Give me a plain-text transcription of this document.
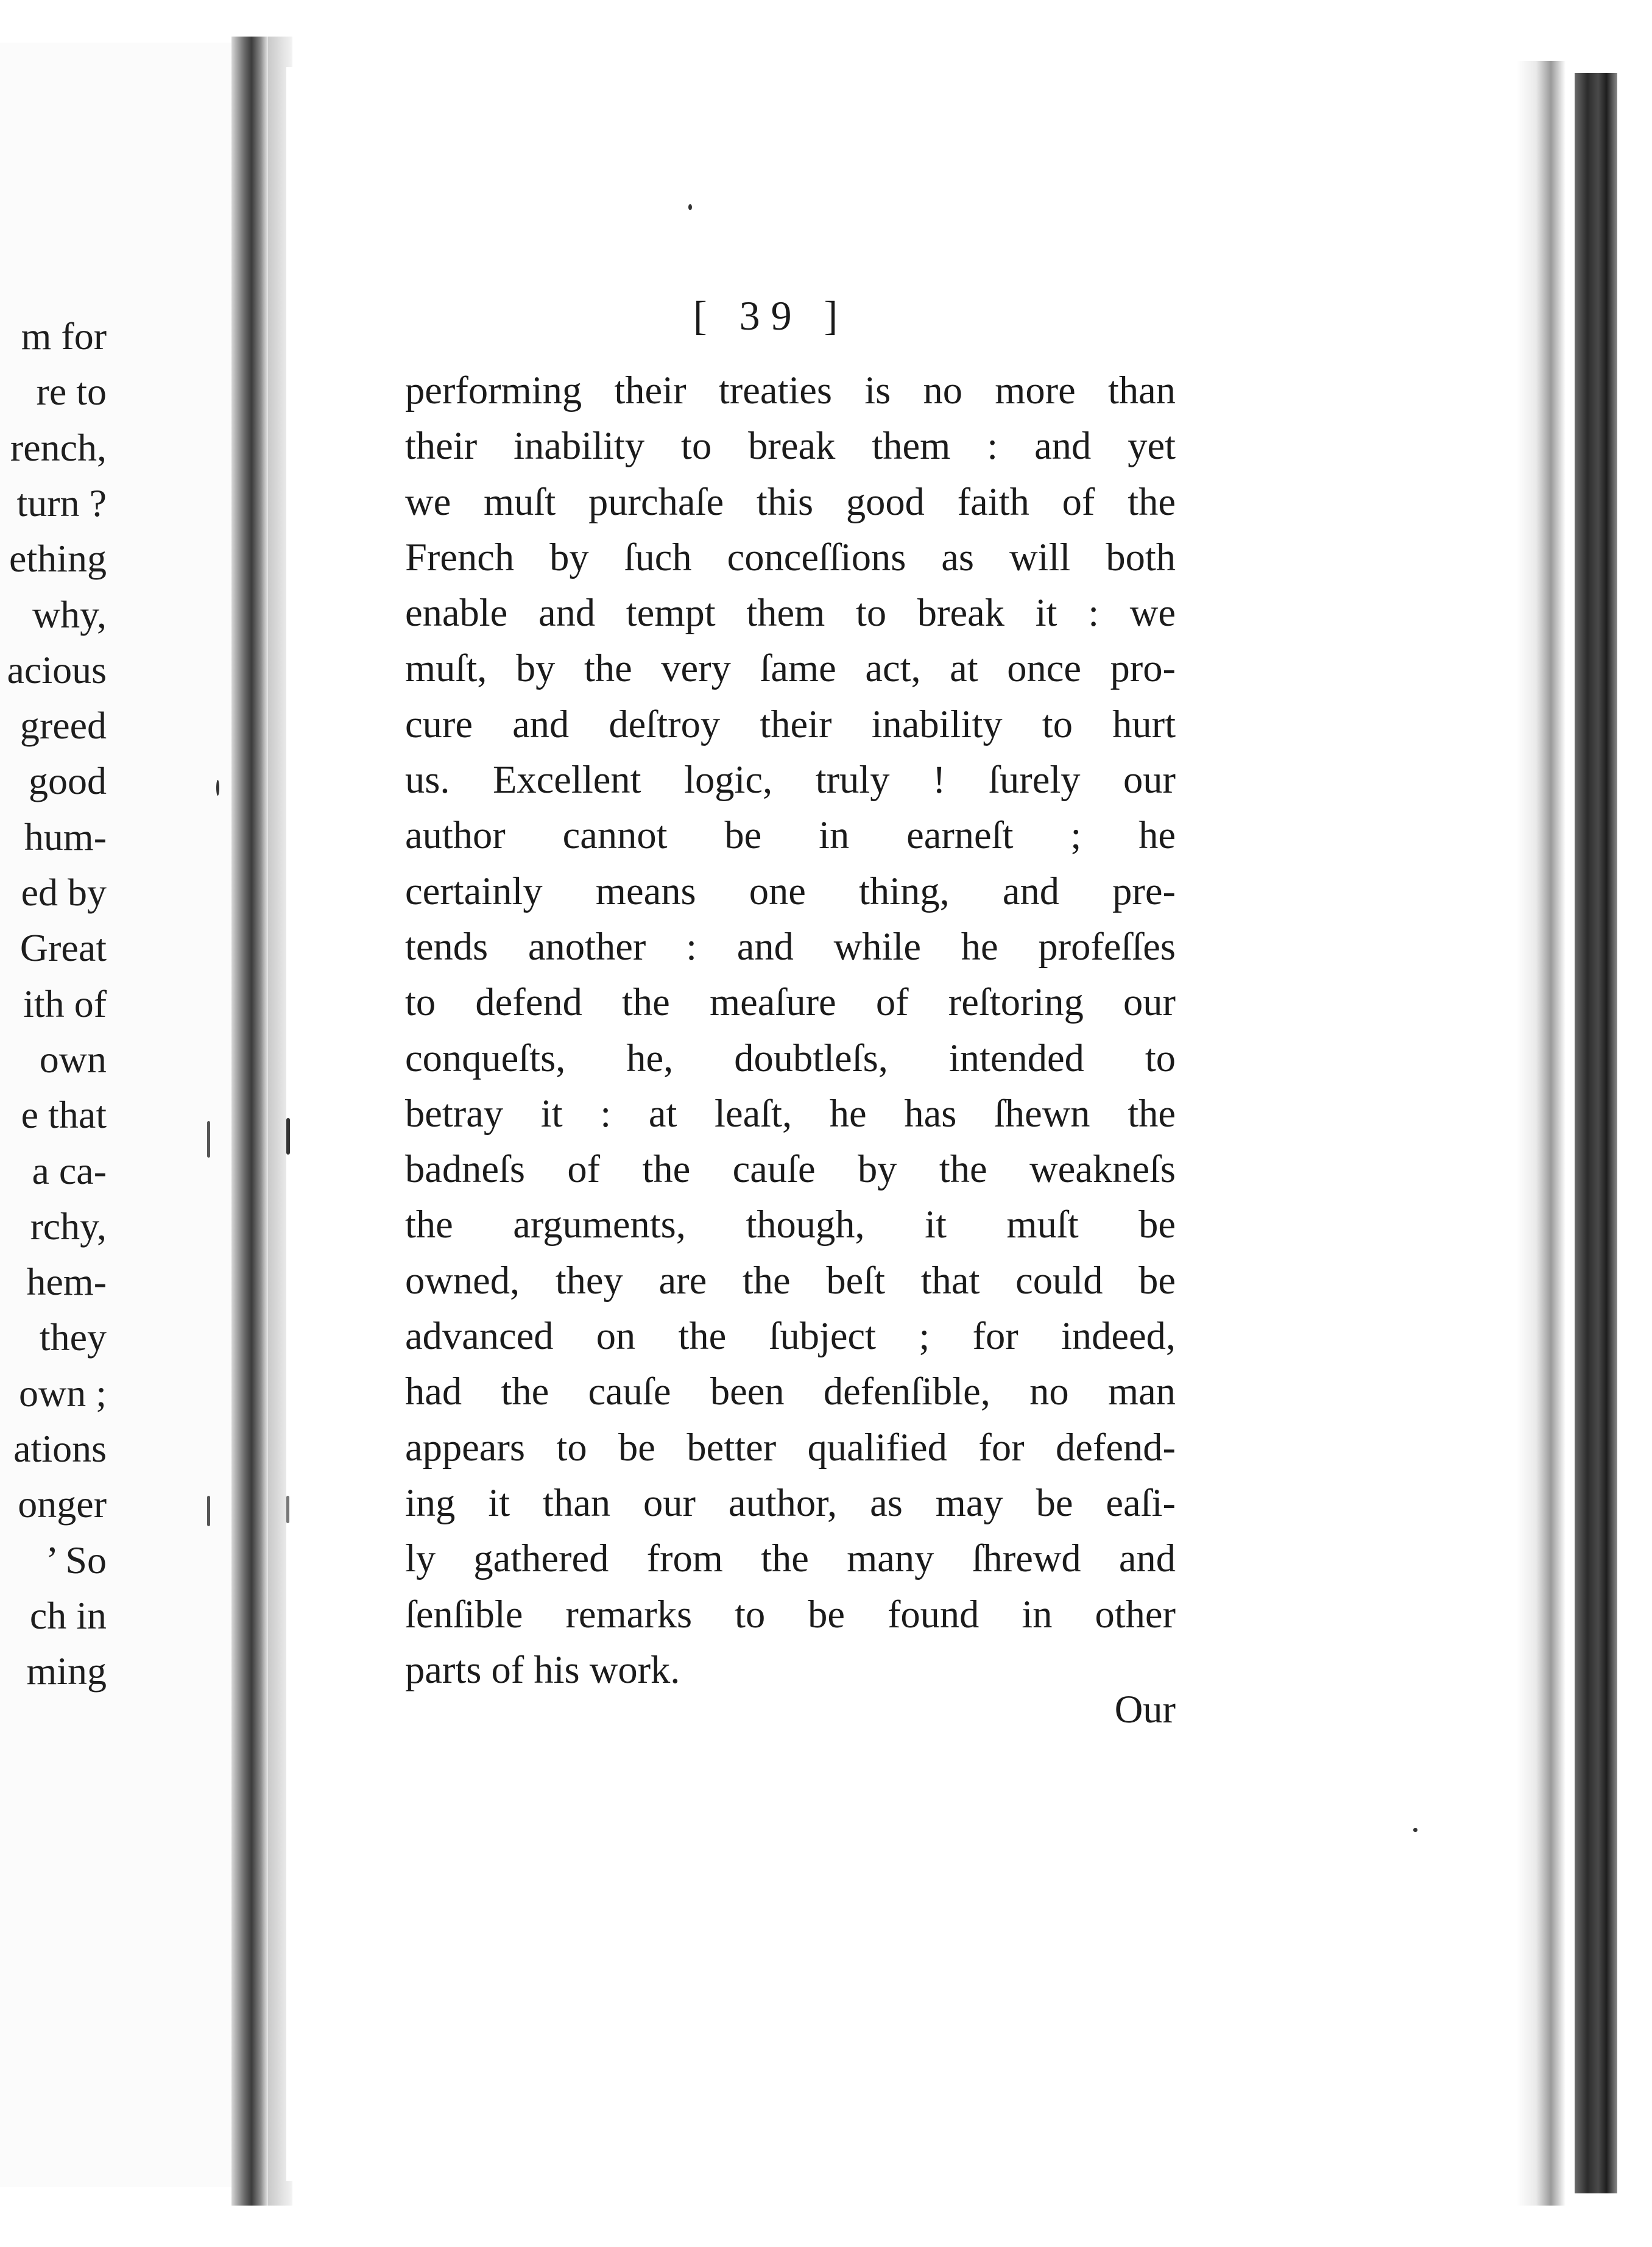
m for
re to
rench,
turn ?
ething
why,
acious
greed
good
hum-
ed by
Great
ith of
own
e that
a ca-
rchy,
hem-
they
own ;
ations
onger
’ So
ch in
ming
[ 39 ]
performing their treaties is no more than
their inability to break them : and yet
we muſt purchaſe this good faith of the
French by ſuch conceſſions as will both
enable and tempt them to break it : we
muſt, by the very ſame act, at once pro-
cure and deſtroy their inability to hurt
us. Excellent logic, truly ! ſurely our
author cannot be in earneſt ; he
certainly means one thing, and pre-
tends another : and while he profeſſes
to defend the meaſure of reſtoring our
conqueſts, he, doubtleſs, intended to
betray it : at leaſt, he has ſhewn the
badneſs of the cauſe by the weakneſs
the arguments, though, it muſt be
owned, they are the beſt that could be
advanced on the ſubject ; for indeed,
had the cauſe been defenſible, no man
appears to be better qualified for defend-
ing it than our author, as may be eaſi-
ly gathered from the many ſhrewd and
ſenſible remarks to be found in other
parts of his work.
Our
